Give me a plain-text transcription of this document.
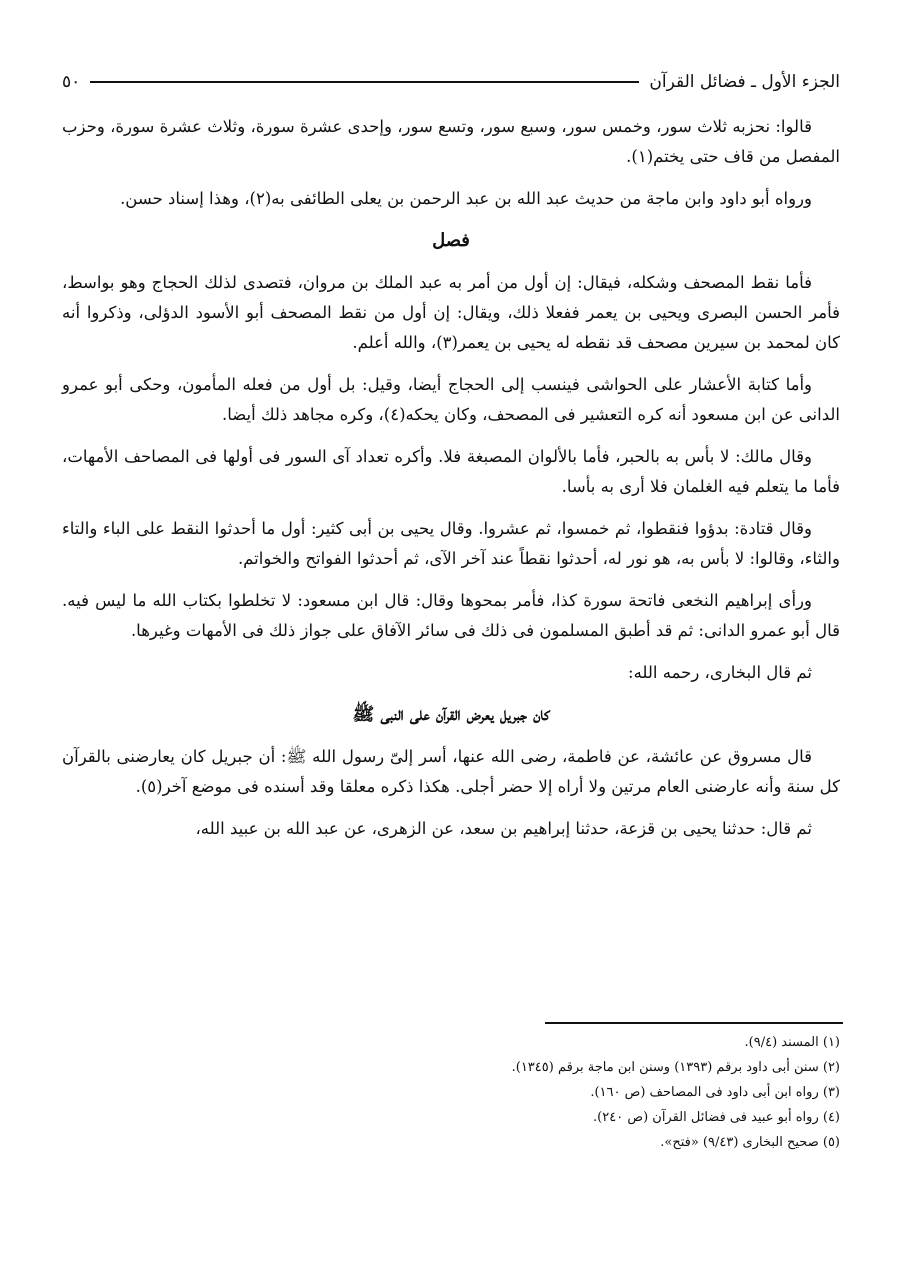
الجزء الأول ـ فضائل القرآن
٥٠

قالوا: نحزبه ثلاث سور، وخمس سور، وسبع سور، وتسع سور، وإحدى عشرة سورة، وثلاث عشرة سورة، وحزب المفصل من قاف حتى يختم(١).

ورواه أبو داود وابن ماجة من حديث عبد الله بن عبد الرحمن بن يعلى الطائفى به(٢)، وهذا إسناد حسن.

فصل

فأما نقط المصحف وشكله، فيقال: إن أول من أمر به عبد الملك بن مروان، فتصدى لذلك الحجاج وهو بواسط، فأمر الحسن البصرى ويحيى بن يعمر ففعلا ذلك، ويقال: إن أول من نقط المصحف أبو الأسود الدؤلى، وذكروا أنه كان لمحمد بن سيرين مصحف قد نقطه له يحيى بن يعمر(٣)، والله أعلم.

وأما كتابة الأعشار على الحواشى فينسب إلى الحجاج أيضا، وقيل: بل أول من فعله المأمون، وحكى أبو عمرو الدانى عن ابن مسعود أنه كره التعشير فى المصحف، وكان يحكه(٤)، وكره مجاهد ذلك أيضا.

وقال مالك: لا بأس به بالحبر، فأما بالألوان المصبغة فلا. وأكره تعداد آى السور فى أولها فى المصاحف الأمهات، فأما ما يتعلم فيه الغلمان فلا أرى به بأسا.

وقال قتادة: بدؤوا فنقطوا، ثم خمسوا، ثم عشروا. وقال يحيى بن أبى كثير: أول ما أحدثوا النقط على الباء والتاء والثاء، وقالوا: لا بأس به، هو نور له، أحدثوا نقطاً عند آخر الآى، ثم أحدثوا الفواتح والخواتم.

ورأى إبراهيم النخعى فاتحة سورة كذا، فأمر بمحوها وقال: قال ابن مسعود: لا تخلطوا بكتاب الله ما ليس فيه. قال أبو عمرو الدانى: ثم قد أطبق المسلمون فى ذلك فى سائر الآفاق على جواز ذلك فى الأمهات وغيرها.

ثم قال البخارى، رحمه الله:

كان جبريل يعرض القرآن على النبى ﷺ

قال مسروق عن عائشة، عن فاطمة، رضى الله عنها، أسر إلىّ رسول الله ﷺ: أن جبريل كان يعارضنى بالقرآن كل سنة وأنه عارضنى العام مرتين ولا أراه إلا حضر أجلى. هكذا ذكره معلقا وقد أسنده فى موضع آخر(٥).

ثم قال: حدثنا يحيى بن قزعة، حدثنا إبراهيم بن سعد، عن الزهرى، عن عبد الله بن عبيد الله،

(١) المسند (٩/٤).
(٢) سنن أبى داود برقم (١٣٩٣) وسنن ابن ماجة برقم (١٣٤٥).
(٣) رواه ابن أبى داود فى المصاحف (ص ١٦٠).
(٤) رواه أبو عبيد فى فضائل القرآن (ص ٢٤٠).
(٥) صحيح البخارى (٩/٤٣) «فتح».
